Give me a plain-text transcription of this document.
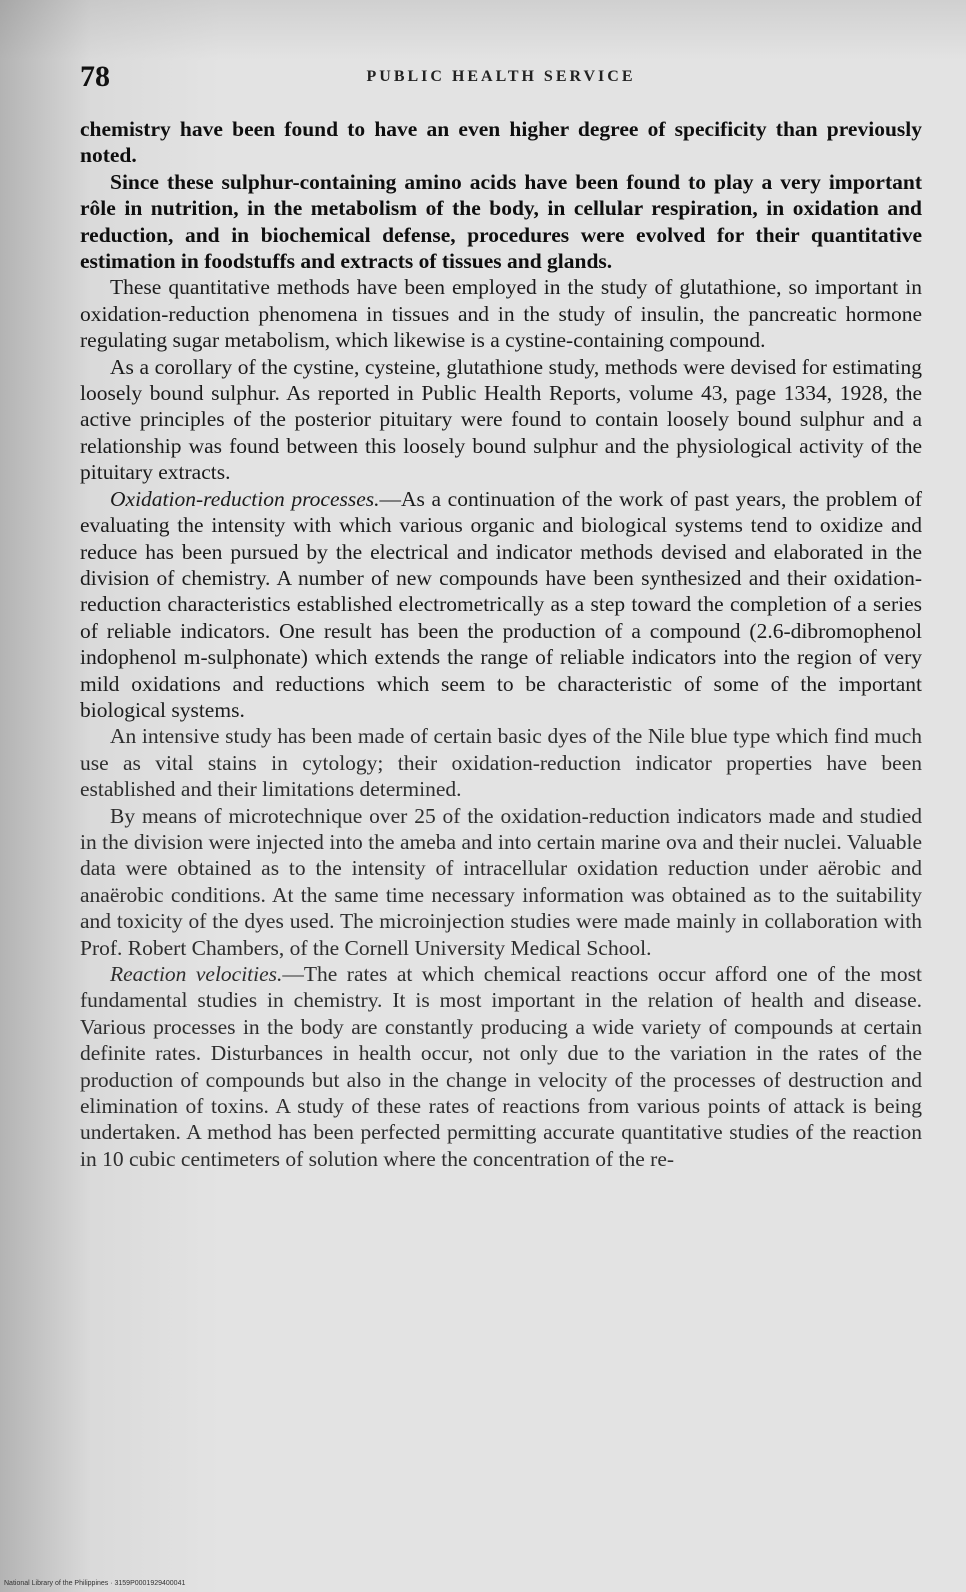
78	PUBLIC HEALTH SERVICE

chemistry have been found to have an even higher degree of specificity than previously noted.

Since these sulphur-containing amino acids have been found to play a very important rôle in nutrition, in the metabolism of the body, in cellular respiration, in oxidation and reduction, and in biochemical defense, procedures were evolved for their quantitative estimation in foodstuffs and extracts of tissues and glands.

These quantitative methods have been employed in the study of glutathione, so important in oxidation-reduction phenomena in tissues and in the study of insulin, the pancreatic hormone regulating sugar metabolism, which likewise is a cystine-containing compound.

As a corollary of the cystine, cysteine, glutathione study, methods were devised for estimating loosely bound sulphur. As reported in Public Health Reports, volume 43, page 1334, 1928, the active principles of the posterior pituitary were found to contain loosely bound sulphur and a relationship was found between this loosely bound sulphur and the physiological activity of the pituitary extracts.

Oxidation-reduction processes.—As a continuation of the work of past years, the problem of evaluating the intensity with which various organic and biological systems tend to oxidize and reduce has been pursued by the electrical and indicator methods devised and elaborated in the division of chemistry. A number of new compounds have been synthesized and their oxidation-reduction characteristics established electrometrically as a step toward the completion of a series of reliable indicators. One result has been the production of a compound (2.6-dibromophenol indophenol m-sulphonate) which extends the range of reliable indicators into the region of very mild oxidations and reductions which seem to be characteristic of some of the important biological systems.

An intensive study has been made of certain basic dyes of the Nile blue type which find much use as vital stains in cytology; their oxidation-reduction indicator properties have been established and their limitations determined.

By means of microtechnique over 25 of the oxidation-reduction indicators made and studied in the division were injected into the ameba and into certain marine ova and their nuclei. Valuable data were obtained as to the intensity of intracellular oxidation reduction under aërobic and anaërobic conditions. At the same time necessary information was obtained as to the suitability and toxicity of the dyes used. The microinjection studies were made mainly in collaboration with Prof. Robert Chambers, of the Cornell University Medical School.

Reaction velocities.—The rates at which chemical reactions occur afford one of the most fundamental studies in chemistry. It is most important in the relation of health and disease. Various processes in the body are constantly producing a wide variety of compounds at certain definite rates. Disturbances in health occur, not only due to the variation in the rates of the production of compounds but also in the change in velocity of the processes of destruction and elimination of toxins. A study of these rates of reactions from various points of attack is being undertaken. A method has been perfected permitting accurate quantitative studies of the reaction in 10 cubic centimeters of solution where the concentration of the re-

National Library of the Philippines · 3159P0001929400041
